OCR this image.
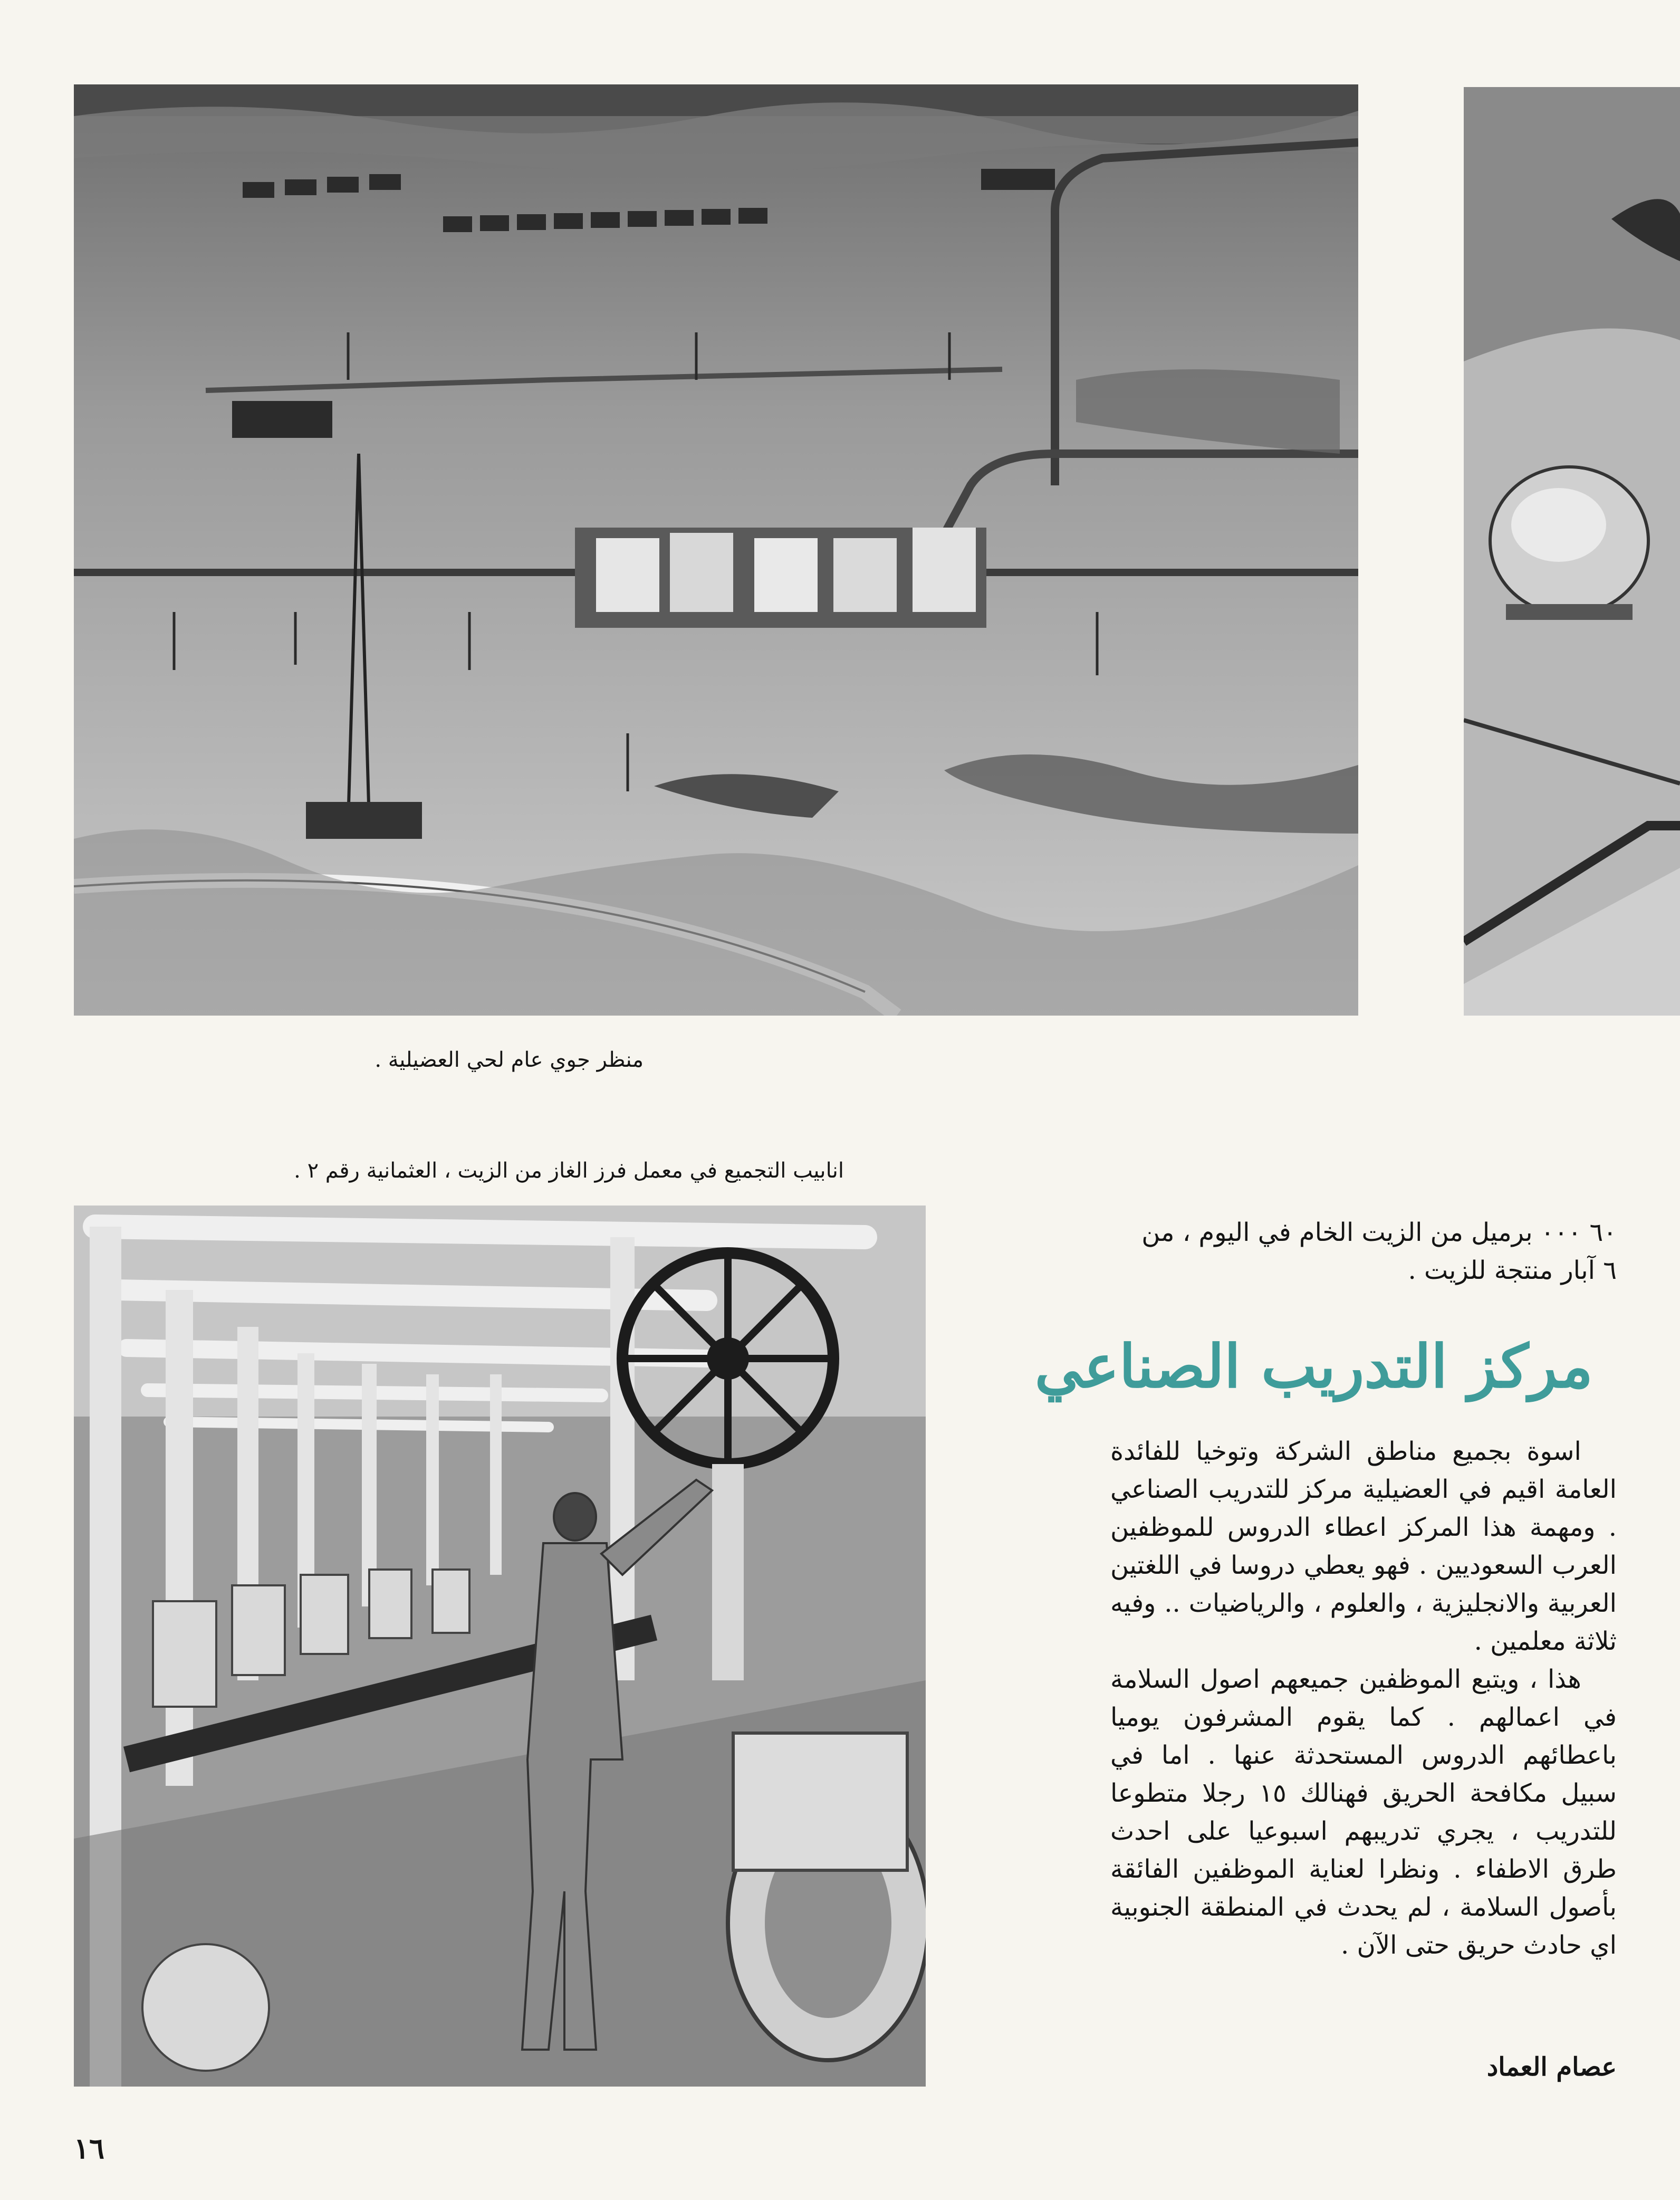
منظر جوي عام لحي العضيلية .
انابيب التجميع في معمل فرز الغاز من الزيت ، العثمانية رقم ٢ .

٦٠ ٠٠٠ برميل من الزيت الخام في اليوم ، من

٦ آبار منتجة للزيت .

مركز التدريب الصناعي

اسوة بجميع مناطق الشركة وتوخيا للفائدة العامة اقيم في العضيلية مركز للتدريب الصناعي . ومهمة هذا المركز اعطاء الدروس للموظفين العرب السعوديين . فهو يعطي دروسا في اللغتين العربية والانجليزية ، والعلوم ، والرياضيات .. وفيه ثلاثة معلمين .

هذا ، ويتبع الموظفين جميعهم اصول السلامة في اعمالهم . كما يقوم المشرفون يوميا باعطائهم الدروس المستحدثة عنها . اما في سبيل مكافحة الحريق فهنالك ١٥ رجلا متطوعا للتدريب ، يجري تدريبهم اسبوعيا على احدث طرق الاطفاء . ونظرا لعناية الموظفين الفائقة بأصول السلامة ، لم يحدث في المنطقة الجنوبية اي حادث حريق حتى الآن .

عصام العماد
١٦
